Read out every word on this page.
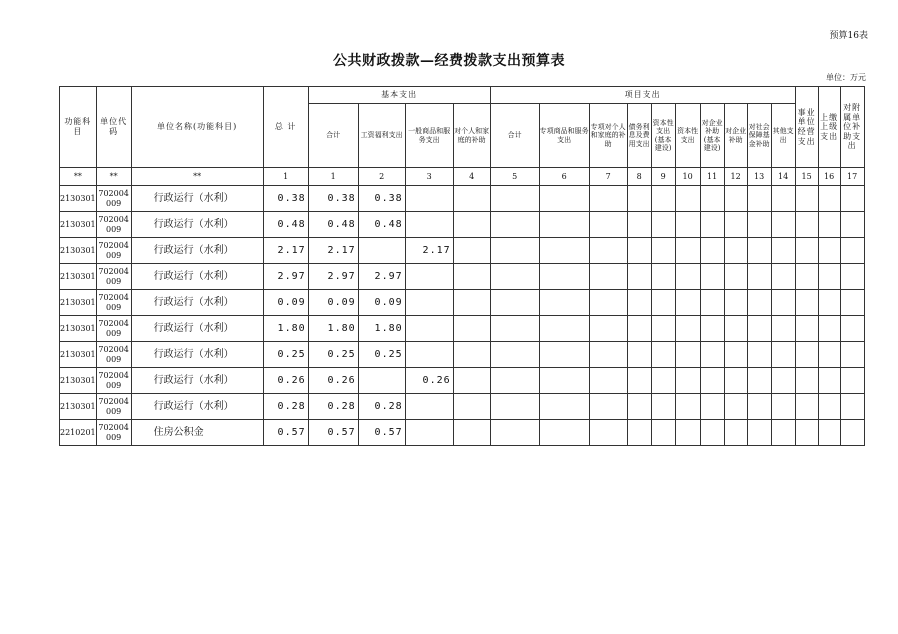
预算16表
公共财政拨款—经费拨款支出预算表
单位：万元
功能科目	单位代码	单位名称(功能科目)	总 计	基本支出				项目支出										事业单位经营支出	上缴上级支出	对附属单位补助支出
				合计	工资福利支出	一般商品和服务支出	对个人和家庭的补助	合计	专项商品和服务支出	专项对个人和家庭的补助	债务利息及费用支出	资本性支出(基本建设)	资本性支出	对企业补助(基本建设)	对企业补助	对社会保障基金补助	其他支出			
**	**	**	1	1	2	3	4	5	6	7	8	9	10	11	12	13	14	15	16	17
2130301	702004009	行政运行（水利）	0.38	0.38	0.38															
2130301	702004009	行政运行（水利）	0.48	0.48	0.48															
2130301	702004009	行政运行（水利）	2.17	2.17		2.17														
2130301	702004009	行政运行（水利）	2.97	2.97	2.97															
2130301	702004009	行政运行（水利）	0.09	0.09	0.09															
2130301	702004009	行政运行（水利）	1.80	1.80	1.80															
2130301	702004009	行政运行（水利）	0.25	0.25	0.25															
2130301	702004009	行政运行（水利）	0.26	0.26		0.26														
2130301	702004009	行政运行（水利）	0.28	0.28	0.28															
2210201	702004009	住房公积金	0.57	0.57	0.57															
